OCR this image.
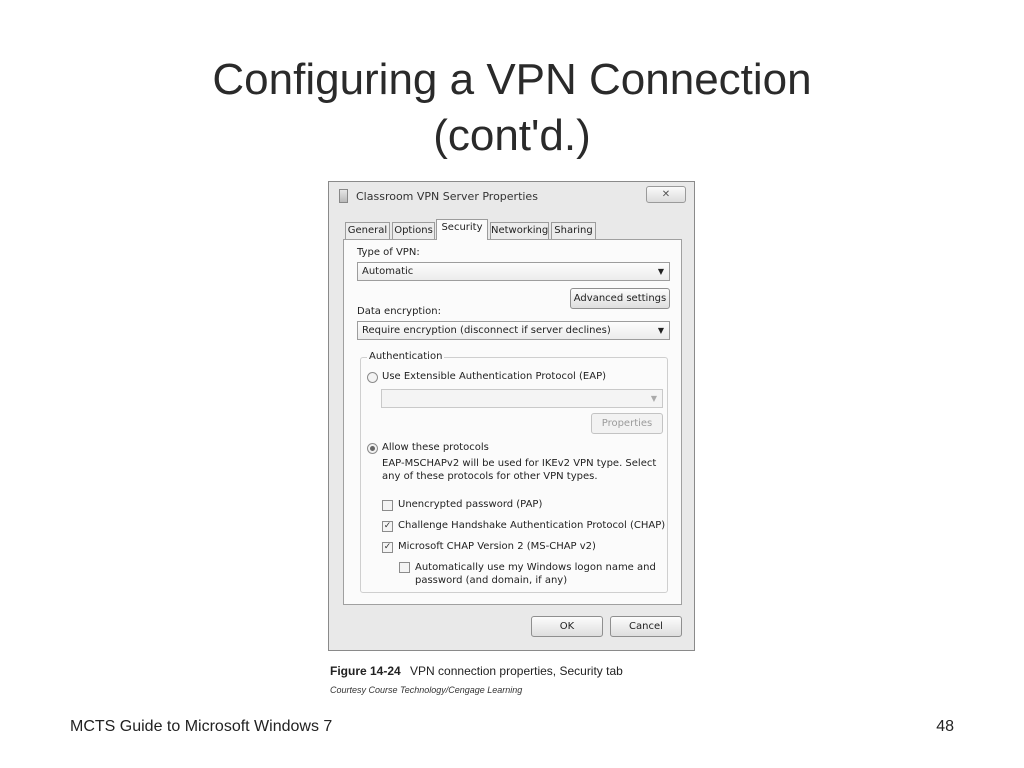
Configuring a VPN Connection
(cont'd.)
Classroom VPN Server Properties	✕
General Options Security Networking Sharing
Type of VPN:
Automatic	▼
Advanced settings
Data encryption:
Require encryption (disconnect if server declines)	▼
Authentication
Use Extensible Authentication Protocol (EAP)
▼
Properties
Allow these protocols
EAP-MSCHAPv2 will be used for IKEv2 VPN type. Select
any of these protocols for other VPN types.
Unencrypted password (PAP)
✓ Challenge Handshake Authentication Protocol (CHAP)
✓ Microsoft CHAP Version 2 (MS-CHAP v2)
Automatically use my Windows logon name and
password (and domain, if any)
OK	Cancel
Figure 14-24 VPN connection properties, Security tab
Courtesy Course Technology/Cengage Learning
MCTS Guide to Microsoft Windows 7	48
